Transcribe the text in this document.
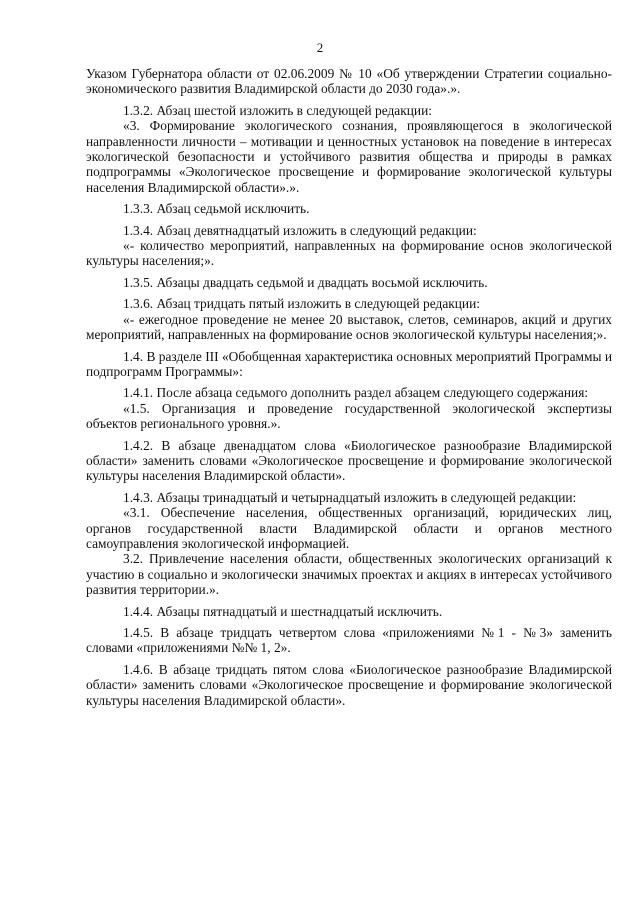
2

Указом Губернатора области от 02.06.2009 № 10 «Об утверждении Стратегии социально-экономического развития Владимирской области до 2030 года».».

1.3.2. Абзац шестой изложить в следующей редакции:

«3. Формирование экологического сознания, проявляющегося в экологической направленности личности – мотивации и ценностных установок на поведение в интересах экологической безопасности и устойчивого развития общества и природы в рамках подпрограммы «Экологическое просвещение и формирование экологической культуры населения Владимирской области».».

1.3.3. Абзац седьмой исключить.

1.3.4. Абзац девятнадцатый изложить в следующий редакции:

«- количество мероприятий, направленных на формирование основ экологической культуры населения;».

1.3.5. Абзацы двадцать седьмой и двадцать восьмой исключить.

1.3.6. Абзац тридцать пятый изложить в следующей редакции:

«- ежегодное проведение не менее 20 выставок, слетов, семинаров, акций и других мероприятий, направленных на формирование основ экологической культуры населения;».

1.4. В разделе III «Обобщенная характеристика основных мероприятий Программы и подпрограмм Программы»:

1.4.1. После абзаца седьмого дополнить раздел абзацем следующего содержания:

«1.5. Организация и проведение государственной экологической экспертизы объектов регионального уровня.».

1.4.2. В абзаце двенадцатом слова «Биологическое разнообразие Владимирской области» заменить словами «Экологическое просвещение и формирование экологической культуры населения Владимирской области».

1.4.3. Абзацы тринадцатый и четырнадцатый изложить в следующей редакции:

«3.1. Обеспечение населения, общественных организаций, юридических лиц, органов государственной власти Владимирской области и органов местного самоуправления экологической информацией.

3.2. Привлечение населения области, общественных экологических организаций к участию в социально и экологически значимых проектах и акциях в интересах устойчивого развития территории.».

1.4.4. Абзацы пятнадцатый и шестнадцатый исключить.

1.4.5. В абзаце тридцать четвертом слова «приложениями №1 - №3» заменить словами «приложениями №№ 1, 2».

1.4.6. В абзаце тридцать пятом слова «Биологическое разнообразие Владимирской области» заменить словами «Экологическое просвещение и формирование экологической культуры населения Владимирской области».
